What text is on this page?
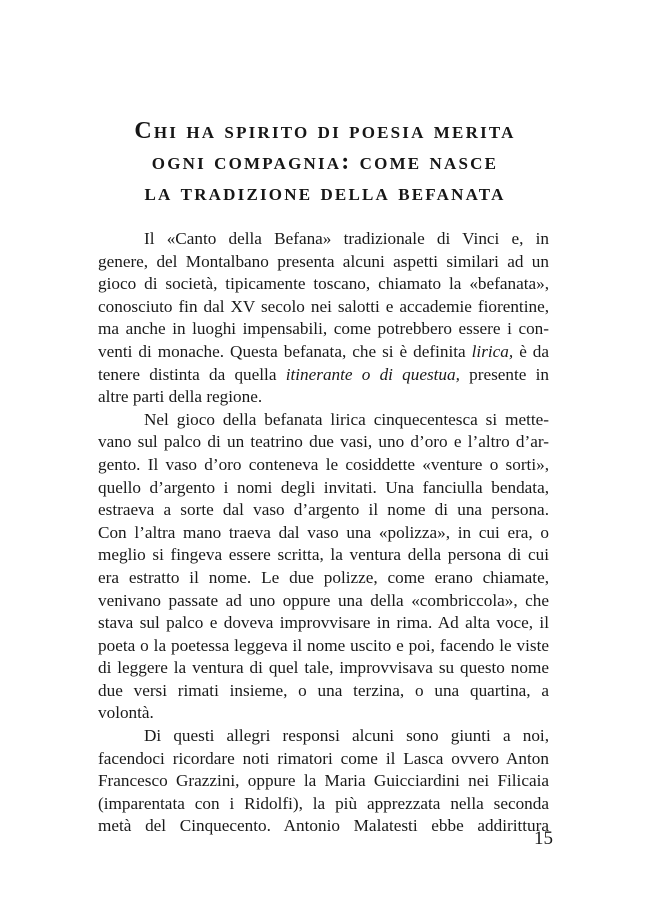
Chi ha spirito di poesia merita
ogni compagnia: come nasce
la tradizione della befanata
Il «Canto della Befana» tradizionale di Vinci e, in
genere, del Montalbano presenta alcuni aspetti similari ad un
gioco di società, tipicamente toscano, chiamato la «befanata»,
conosciuto fin dal XV secolo nei salotti e accademie fiorentine,
ma anche in luoghi impensabili, come potrebbero essere i con-
venti di monache. Questa befanata, che si è definita lirica, è da
tenere distinta da quella itinerante o di questua, presente in
altre parti della regione.
Nel gioco della befanata lirica cinquecentesca si mette-
vano sul palco di un teatrino due vasi, uno d’oro e l’altro d’ar-
gento. Il vaso d’oro conteneva le cosiddette «venture o sorti»,
quello d’argento i nomi degli invitati. Una fanciulla bendata,
estraeva a sorte dal vaso d’argento il nome di una persona.
Con l’altra mano traeva dal vaso una «polizza», in cui era, o
meglio si fingeva essere scritta, la ventura della persona di cui
era estratto il nome. Le due polizze, come erano chiamate,
venivano passate ad uno oppure una della «combriccola», che
stava sul palco e doveva improvvisare in rima. Ad alta voce, il
poeta o la poetessa leggeva il nome uscito e poi, facendo le viste
di leggere la ventura di quel tale, improvvisava su questo nome
due versi rimati insieme, o una terzina, o una quartina, a
volontà.
Di questi allegri responsi alcuni sono giunti a noi,
facendoci ricordare noti rimatori come il Lasca ovvero Anton
Francesco Grazzini, oppure la Maria Guicciardini nei Filicaia
(imparentata con i Ridolfi), la più apprezzata nella seconda
metà del Cinquecento. Antonio Malatesti ebbe addirittura
15
